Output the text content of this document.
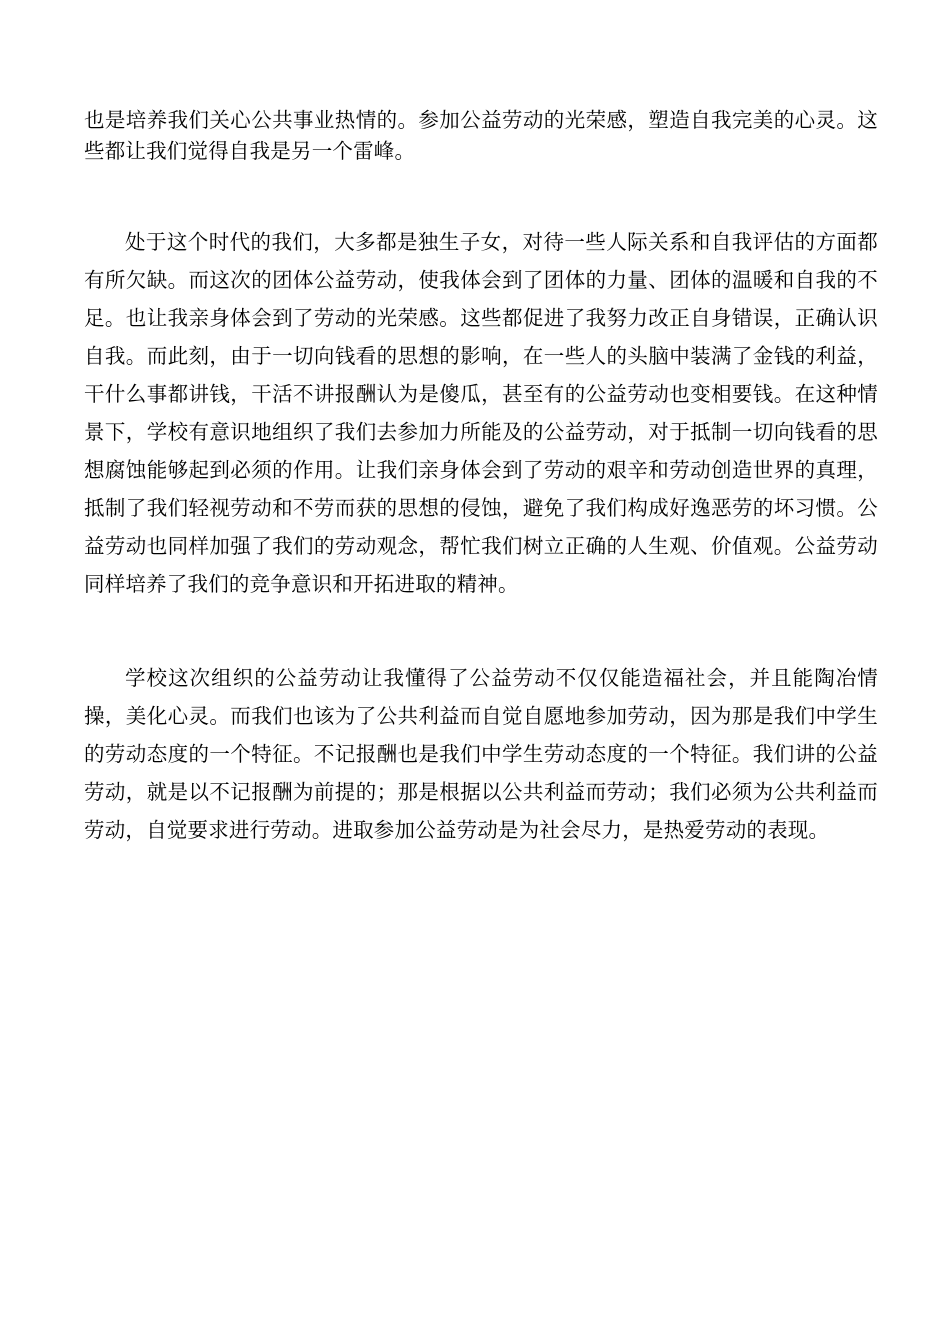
也是培养我们关心公共事业热情的。参加公益劳动的光荣感，塑造自我完美的心灵。这些都让我们觉得自我是另一个雷峰。

处于这个时代的我们，大多都是独生子女，对待一些人际关系和自我评估的方面都有所欠缺。而这次的团体公益劳动，使我体会到了团体的力量、团体的温暖和自我的不足。也让我亲身体会到了劳动的光荣感。这些都促进了我努力改正自身错误，正确认识自我。而此刻，由于一切向钱看的思想的影响，在一些人的头脑中装满了金钱的利益，干什么事都讲钱，干活不讲报酬认为是傻瓜，甚至有的公益劳动也变相要钱。在这种情景下，学校有意识地组织了我们去参加力所能及的公益劳动，对于抵制一切向钱看的思想腐蚀能够起到必须的作用。让我们亲身体会到了劳动的艰辛和劳动创造世界的真理，抵制了我们轻视劳动和不劳而获的思想的侵蚀，避免了我们构成好逸恶劳的坏习惯。公益劳动也同样加强了我们的劳动观念，帮忙我们树立正确的人生观、价值观。公益劳动同样培养了我们的竞争意识和开拓进取的精神。

学校这次组织的公益劳动让我懂得了公益劳动不仅仅能造福社会，并且能陶冶情操，美化心灵。而我们也该为了公共利益而自觉自愿地参加劳动，因为那是我们中学生的劳动态度的一个特征。不记报酬也是我们中学生劳动态度的一个特征。我们讲的公益劳动，就是以不记报酬为前提的；那是根据以公共利益而劳动；我们必须为公共利益而劳动，自觉要求进行劳动。进取参加公益劳动是为社会尽力，是热爱劳动的表现。
